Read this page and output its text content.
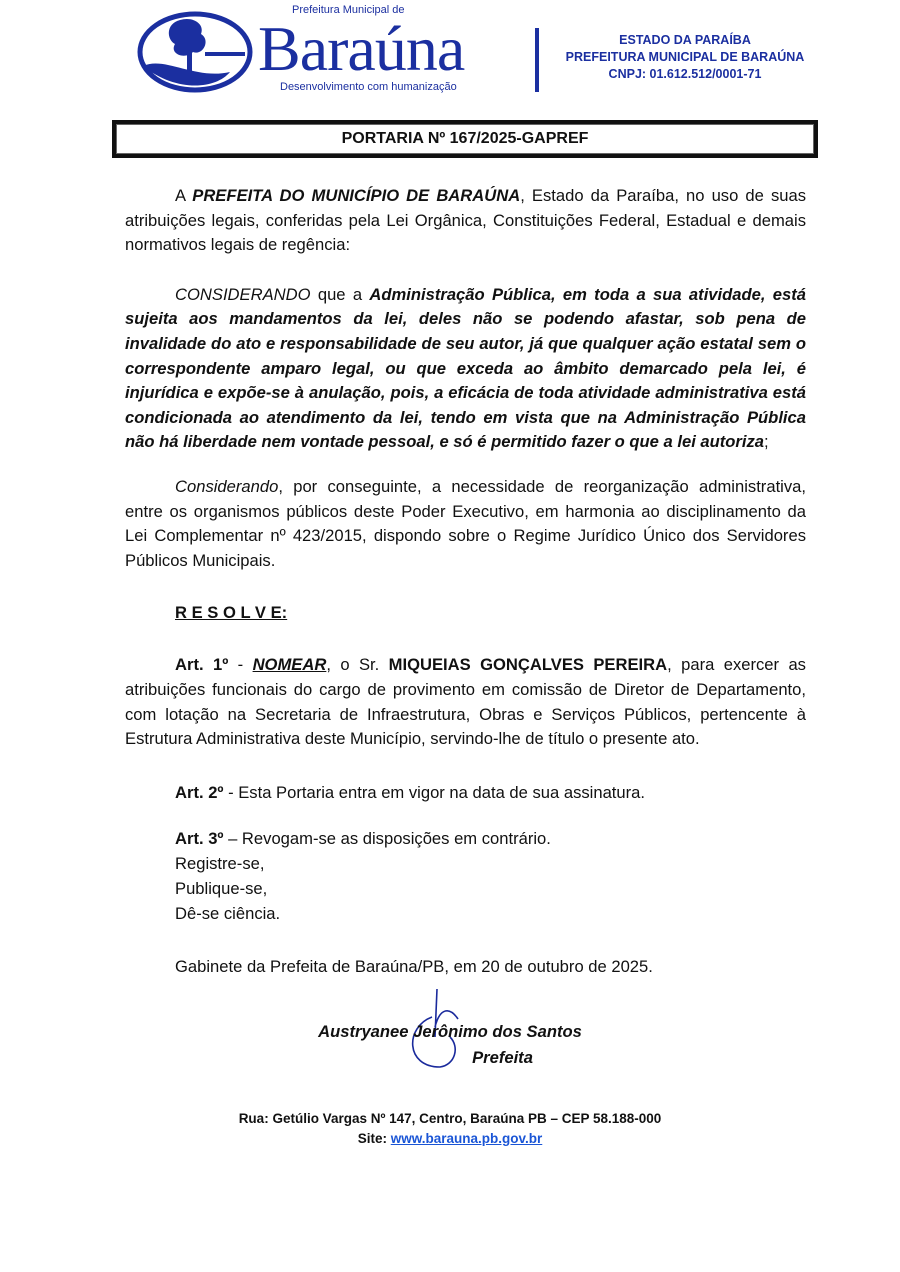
Prefeitura Municipal de
Baraúna
Desenvolvimento com humanização
ESTADO DA PARAÍBA
PREFEITURA MUNICIPAL DE BARAÚNA
CNPJ: 01.612.512/0001-71
PORTARIA Nº 167/2025-GAPREF

A PREFEITA DO MUNICÍPIO DE BARAÚNA, Estado da Paraíba, no uso de suas atribuições legais, conferidas pela Lei Orgânica, Constituições Federal, Estadual e demais normativos legais de regência:

CONSIDERANDO que a Administração Pública, em toda a sua atividade, está sujeita aos mandamentos da lei, deles não se podendo afastar, sob pena de invalidade do ato e responsabilidade de seu autor, já que qualquer ação estatal sem o correspondente amparo legal, ou que exceda ao âmbito demarcado pela lei, é injurídica e expõe-se à anulação, pois, a eficácia de toda atividade administrativa está condicionada ao atendimento da lei, tendo em vista que na Administração Pública não há liberdade nem vontade pessoal, e só é permitido fazer o que a lei autoriza;

Considerando, por conseguinte, a necessidade de reorganização administrativa, entre os organismos públicos deste Poder Executivo, em harmonia ao disciplinamento da Lei Complementar nº 423/2015, dispondo sobre o Regime Jurídico Único dos Servidores Públicos Municipais.

R E S O L V E:

Art. 1º - NOMEAR, o Sr. MIQUEIAS GONÇALVES PEREIRA, para exercer as atribuições funcionais do cargo de provimento em comissão de Diretor de Departamento, com lotação na Secretaria de Infraestrutura, Obras e Serviços Públicos, pertencente à Estrutura Administrativa deste Município, servindo-lhe de título o presente ato.

Art. 2º - Esta Portaria entra em vigor na data de sua assinatura.
Art. 3º – Revogam-se as disposições em contrário.
Registre-se,
Publique-se,
Dê-se ciência.
Gabinete da Prefeita de Baraúna/PB, em 20 de outubro de 2025.
Austryanee Jerônimo dos Santos
Prefeita
Rua: Getúlio Vargas Nº 147, Centro, Baraúna PB – CEP 58.188-000
Site: www.barauna.pb.gov.br
